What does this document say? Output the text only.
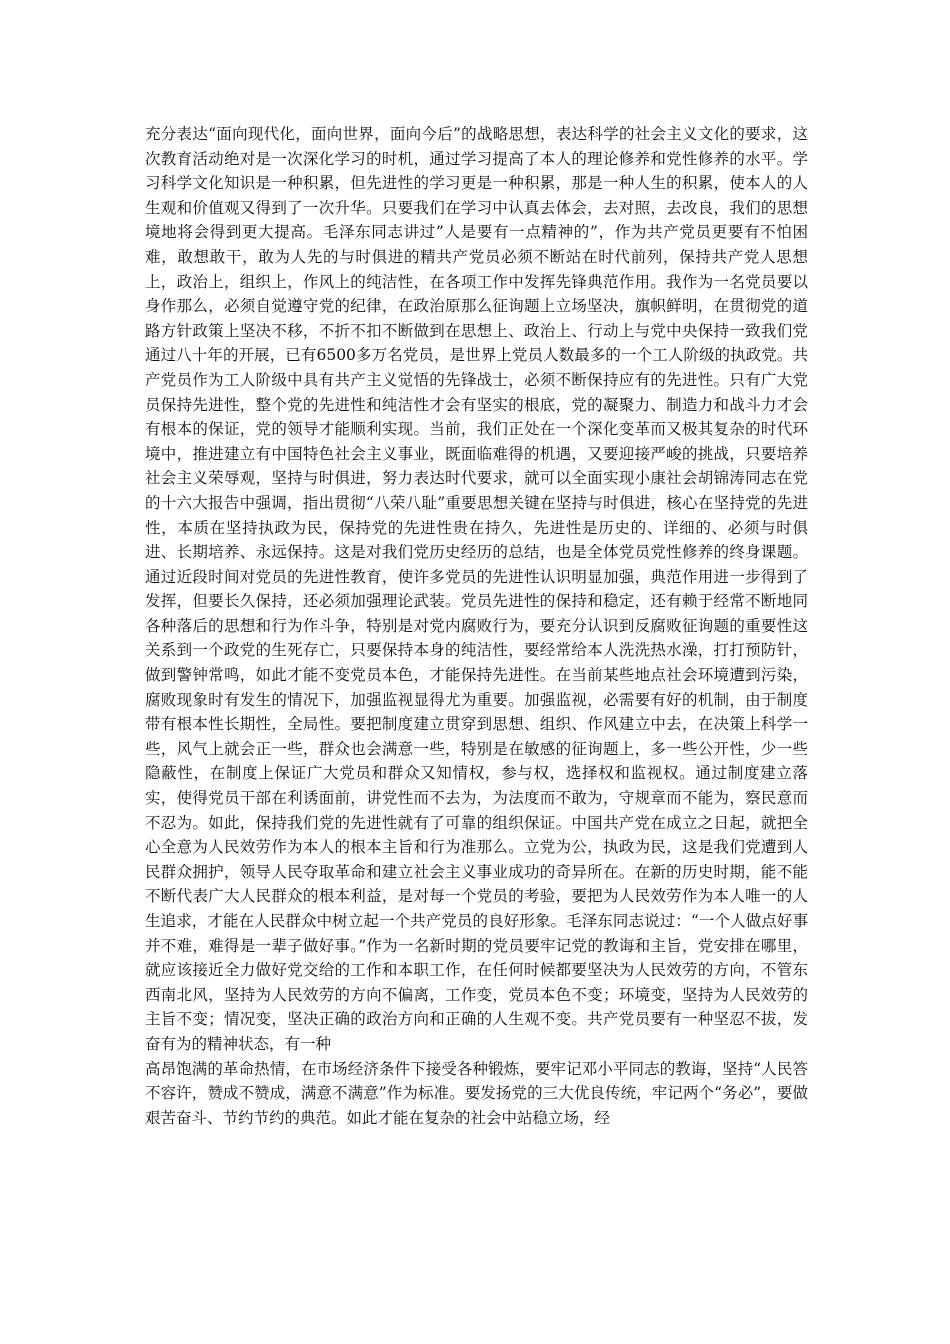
充分表达“面向现代化，面向世界，面向今后”的战略思想，表达科学的社会主义文化的要求，这次教育活动绝对是一次深化学习的时机，通过学习提高了本人的理论修养和党性修养的水平。学习科学文化知识是一种积累，但先进性的学习更是一种积累，那是一种人生的积累，使本人的人生观和价值观又得到了一次升华。只要我们在学习中认真去体会，去对照，去改良，我们的思想境地将会得到更大提高。毛泽东同志讲过”人是要有一点精神的”，作为共产党员更要有不怕困难，敢想敢干，敢为人先的与时俱进的精共产党员必须不断站在时代前列，保持共产党人思想上，政治上，组织上，作风上的纯洁性，在各项工作中发挥先锋典范作用。我作为一名党员要以身作那么，必须自觉遵守党的纪律，在政治原那么征询题上立场坚决，旗帜鲜明，在贯彻党的道路方针政策上坚决不移，不折不扣不断做到在思想上、政治上、行动上与党中央保持一致我们党通过八十年的开展，已有6500多万名党员，是世界上党员人数最多的一个工人阶级的执政党。共产党员作为工人阶级中具有共产主义觉悟的先锋战士，必须不断保持应有的先进性。只有广大党员保持先进性，整个党的先进性和纯洁性才会有坚实的根底，党的凝聚力、制造力和战斗力才会有根本的保证，党的领导才能顺利实现。当前，我们正处在一个深化变革而又极其复杂的时代环境中，推进建立有中国特色社会主义事业，既面临难得的机遇，又要迎接严峻的挑战，只要培养社会主义荣辱观，坚持与时俱进，努力表达时代要求，就可以全面实现小康社会胡锦涛同志在党的十六大报告中强调，指出贯彻“八荣八耻”重要思想关键在坚持与时俱进，核心在坚持党的先进性，本质在坚持执政为民，保持党的先进性贵在持久，先进性是历史的、详细的、必须与时俱进、长期培养、永远保持。这是对我们党历史经历的总结，也是全体党员党性修养的终身课题。通过近段时间对党员的先进性教育，使许多党员的先进性认识明显加强，典范作用进一步得到了发挥，但要长久保持，还必须加强理论武装。党员先进性的保持和稳定，还有赖于经常不断地同各种落后的思想和行为作斗争，特别是对党内腐败行为，要充分认识到反腐败征询题的重要性这关系到一个政党的生死存亡，只要保持本身的纯洁性，要经常给本人洗洗热水澡，打打预防针，做到警钟常鸣，如此才能不变党员本色，才能保持先进性。在当前某些地点社会环境遭到污染，腐败现象时有发生的情况下，加强监视显得尤为重要。加强监视，必需要有好的机制，由于制度带有根本性长期性，全局性。要把制度建立贯穿到思想、组织、作风建立中去，在决策上科学一些，风气上就会正一些，群众也会满意一些，特别是在敏感的征询题上，多一些公开性，少一些隐蔽性，在制度上保证广大党员和群众又知情权，参与权，选择权和监视权。通过制度建立落实，使得党员干部在利诱面前，讲党性而不去为，为法度而不敢为，守规章而不能为，察民意而不忍为。如此，保持我们党的先进性就有了可靠的组织保证。中国共产党在成立之日起，就把全心全意为人民效劳作为本人的根本主旨和行为准那么。立党为公，执政为民，这是我们党遭到人民群众拥护，领导人民夺取革命和建立社会主义事业成功的奇异所在。在新的历史时期，能不能不断代表广大人民群众的根本利益，是对每一个党员的考验，要把为人民效劳作为本人唯一的人生追求，才能在人民群众中树立起一个共产党员的良好形象。毛泽东同志说过：“一个人做点好事并不难，难得是一辈子做好事。”作为一名新时期的党员要牢记党的教诲和主旨，党安排在哪里，就应该接近全力做好党交给的工作和本职工作，在任何时候都要坚决为人民效劳的方向，不管东西南北风，坚持为人民效劳的方向不偏离，工作变，党员本色不变；环境变，坚持为人民效劳的主旨不变；情况变，坚决正确的政治方向和正确的人生观不变。共产党员要有一种坚忍不拔，发奋有为的精神状态，有一种

高昂饱满的革命热情，在市场经济条件下接受各种锻炼，要牢记邓小平同志的教诲，坚持“人民答不容许，赞成不赞成，满意不满意”作为标准。要发扬党的三大优良传统，牢记两个“务必”，要做艰苦奋斗、节约节约的典范。如此才能在复杂的社会中站稳立场，经
